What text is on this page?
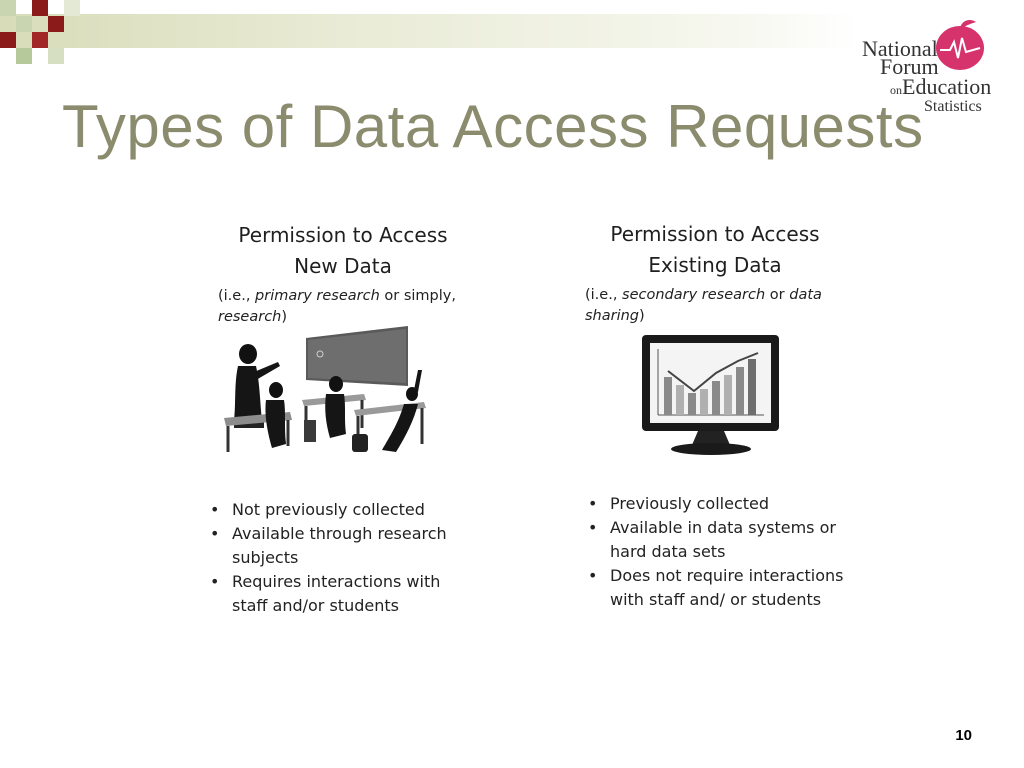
National
Forum
onEducation
Statistics
Types of Data Access Requests
Permission to Access
New Data
(i.e., primary research or simply, research)
Permission to Access
Existing Data
(i.e., secondary research or data sharing)
• Not previously collected
• Available through research subjects
• Requires interactions with staff and/or students
• Previously collected
• Available in data systems or hard data sets
• Does not require interactions with staff and/ or students
10
